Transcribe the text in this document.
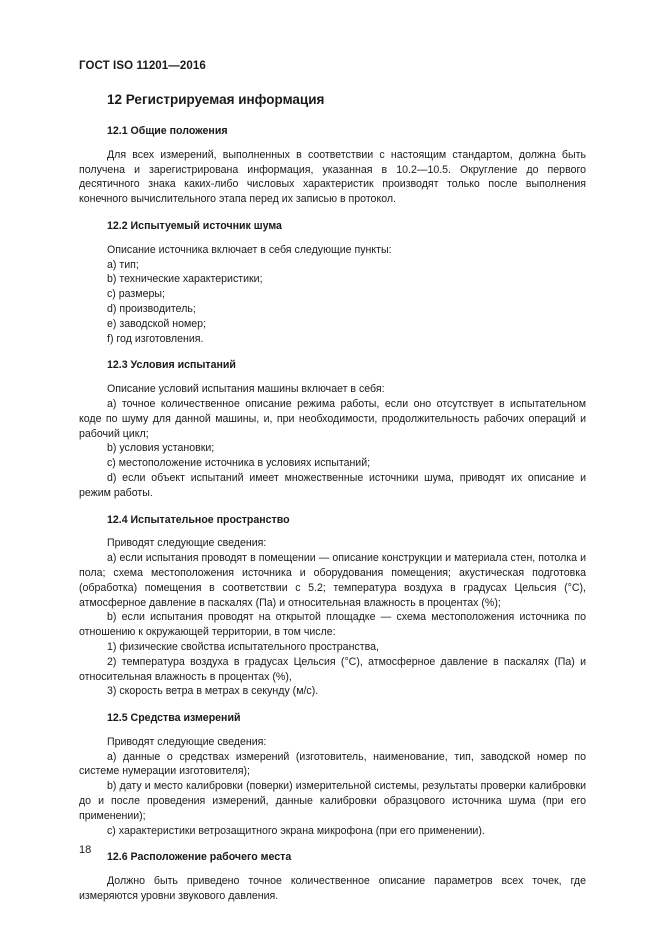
ГОСТ ISO 11201—2016
12 Регистрируемая информация
12.1 Общие положения

Для всех измерений, выполненных в соответствии с настоящим стандартом, должна быть получена и зарегистрирована информация, указанная в 10.2—10.5. Округление до первого десятичного знака каких-либо числовых характеристик производят только после выполнения конечного вычислительного этапа перед их записью в протокол.

12.2 Испытуемый источник шума

Описание источника включает в себя следующие пункты:

а) тип;

b) технические характеристики;

c) размеры;

d) производитель;

e) заводской номер;

f) год изготовления.

12.3 Условия испытаний

Описание условий испытания машины включает в себя:

а) точное количественное описание режима работы, если оно отсутствует в испытательном коде по шуму для данной машины, и, при необходимости, продолжительность рабочих операций и рабочий цикл;

b) условия установки;

c) местоположение источника в условиях испытаний;

d) если объект испытаний имеет множественные источники шума, приводят их описание и режим работы.

12.4 Испытательное пространство

Приводят следующие сведения:

а) если испытания проводят в помещении — описание конструкции и материала стен, потолка и пола; схема местоположения источника и оборудования помещения; акустическая подготовка (обработка) помещения в соответствии с 5.2; температура воздуха в градусах Цельсия (°С), атмосферное давление в паскалях (Па) и относительная влажность в процентах (%);

b) если испытания проводят на открытой площадке — схема местоположения источника по отношению к окружающей территории, в том числе:

1) физические свойства испытательного пространства,

2) температура воздуха в градусах Цельсия (°С), атмосферное давление в паскалях (Па) и относительная влажность в процентах (%),

3) скорость ветра в метрах в секунду (м/с).

12.5 Средства измерений

Приводят следующие сведения:

а) данные о средствах измерений (изготовитель, наименование, тип, заводской номер по системе нумерации изготовителя);

b) дату и место калибровки (поверки) измерительной системы, результаты проверки калибровки до и после проведения измерений, данные калибровки образцового источника шума (при его применении);

c) характеристики ветрозащитного экрана микрофона (при его применении).

12.6 Расположение рабочего места

Должно быть приведено точное количественное описание параметров всех точек, где измеряются уровни звукового давления.

18
